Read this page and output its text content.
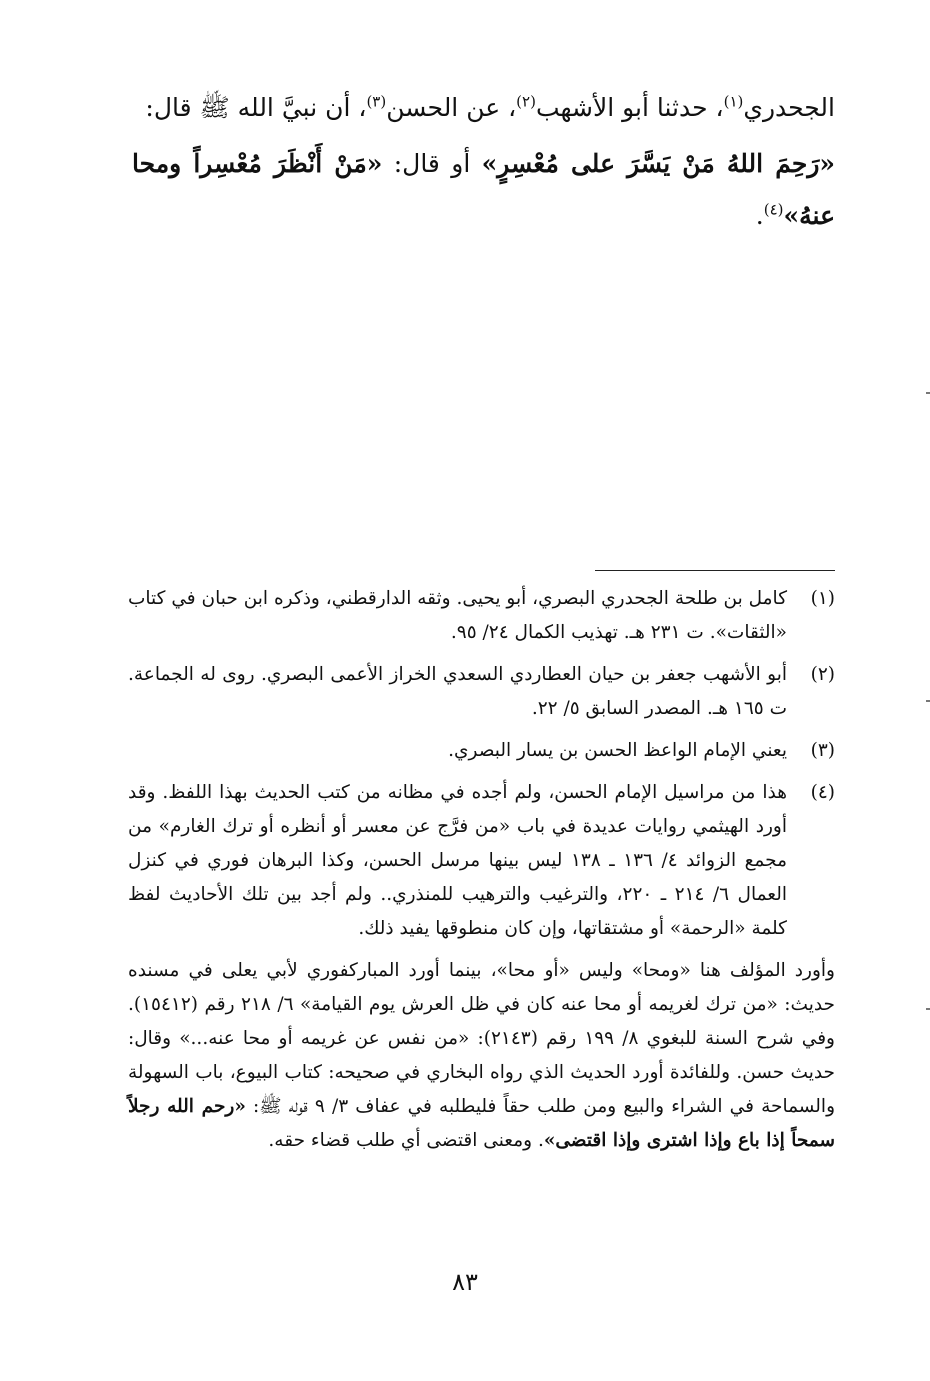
الجحدري$^{(١)}$، حدثنا أبو الأشهب$^{(٢)}$، عن الحسن$^{(٣)}$، أن نبيَّ الله ﷺ قال:

«رَحِمَ اللهُ مَنْ يَسَّرَ على مُعْسِرٍ» أو قال: «مَنْ أَنْظَرَ مُعْسِراً ومحا عنهُ»$^{(٤)}$.

(١)
كامل بن طلحة الجحدري البصري، أبو يحيى. وثقه الدارقطني، وذكره ابن حبان في كتاب «الثقات». ت ٢٣١ هـ. تهذيب الكمال ٢٤/ ٩٥.
(٢)
أبو الأشهب جعفر بن حيان العطاردي السعدي الخراز الأعمى البصري. روى له الجماعة. ت ١٦٥ هـ. المصدر السابق ٥/ ٢٢.
(٣)
يعني الإمام الواعظ الحسن بن يسار البصري.
(٤)
هذا من مراسيل الإمام الحسن، ولم أجده في مظانه من كتب الحديث بهذا اللفظ. وقد أورد الهيثمي روايات عديدة في باب «من فرَّج عن معسر أو أنظره أو ترك الغارم» من مجمع الزوائد ٤/ ١٣٦ ـ ١٣٨ ليس بينها مرسل الحسن، وكذا البرهان فوري في كنزل العمال ٦/ ٢١٤ ـ ٢٢٠، والترغيب والترهيب للمنذري.. ولم أجد بين تلك الأحاديث لفظ كلمة «الرحمة» أو مشتقاتها، وإن كان منطوقها يفيد ذلك.
وأورد المؤلف هنا «ومحا» وليس «أو محا»، بينما أورد المباركفوري لأبي يعلى في مسنده حديث: «من ترك لغريمه أو محا عنه كان في ظل العرش يوم القيامة» ٦/ ٢١٨ رقم (١٥٤١٢). وفي شرح السنة للبغوي ٨/ ١٩٩ رقم (٢١٤٣): «من نفس عن غريمه أو محا عنه...» وقال: حديث حسن. وللفائدة أورد الحديث الذي رواه البخاري في صحيحه: كتاب البيوع، باب السهولة والسماحة في الشراء والبيع ومن طلب حقاً فليطلبه في عفاف ٣/ ٩ قوله ﷺ: «رحم الله رجلاً سمحاً إذا باع وإذا اشترى وإذا اقتضى». ومعنى اقتضى أي طلب قضاء حقه.
٨٣
